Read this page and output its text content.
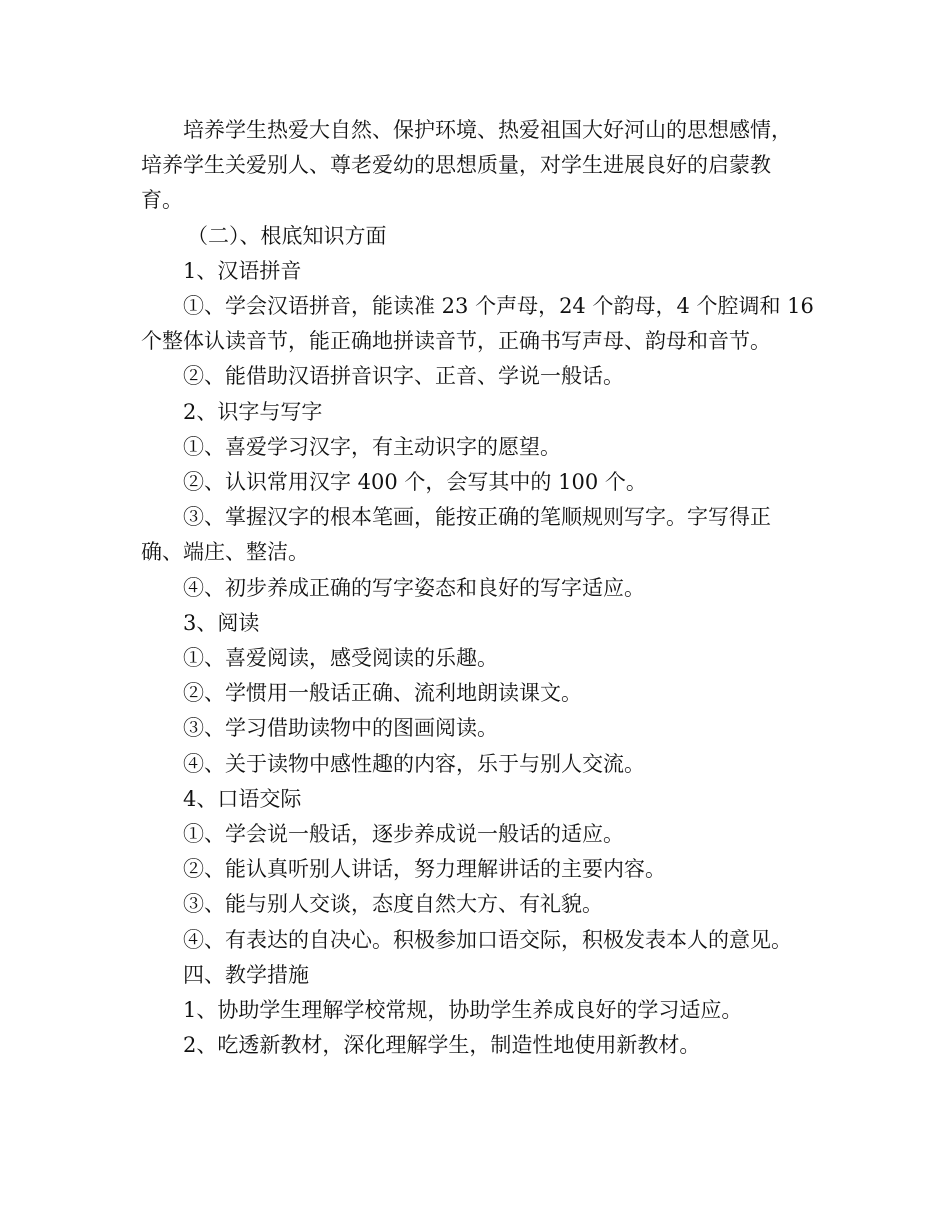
培养学生热爱大自然、保护环境、热爱祖国大好河山的思想感情，
培养学生关爱别人、尊老爱幼的思想质量，对学生进展良好的启蒙教
育。

（二）、根底知识方面

1、汉语拼音

①、学会汉语拼音，能读准 23 个声母，24 个韵母，4 个腔调和 16
个整体认读音节，能正确地拼读音节，正确书写声母、韵母和音节。

②、能借助汉语拼音识字、正音、学说一般话。

2、识字与写字

①、喜爱学习汉字，有主动识字的愿望。

②、认识常用汉字 400 个，会写其中的 100 个。

③、掌握汉字的根本笔画，能按正确的笔顺规则写字。字写得正
确、端庄、整洁。

④、初步养成正确的写字姿态和良好的写字适应。

3、阅读

①、喜爱阅读，感受阅读的乐趣。

②、学惯用一般话正确、流利地朗读课文。

③、学习借助读物中的图画阅读。

④、关于读物中感性趣的内容，乐于与别人交流。

4、口语交际

①、学会说一般话，逐步养成说一般话的适应。

②、能认真听别人讲话，努力理解讲话的主要内容。

③、能与别人交谈，态度自然大方、有礼貌。

④、有表达的自决心。积极参加口语交际，积极发表本人的意见。

四、教学措施

1、协助学生理解学校常规，协助学生养成良好的学习适应。

2、吃透新教材，深化理解学生，制造性地使用新教材。
